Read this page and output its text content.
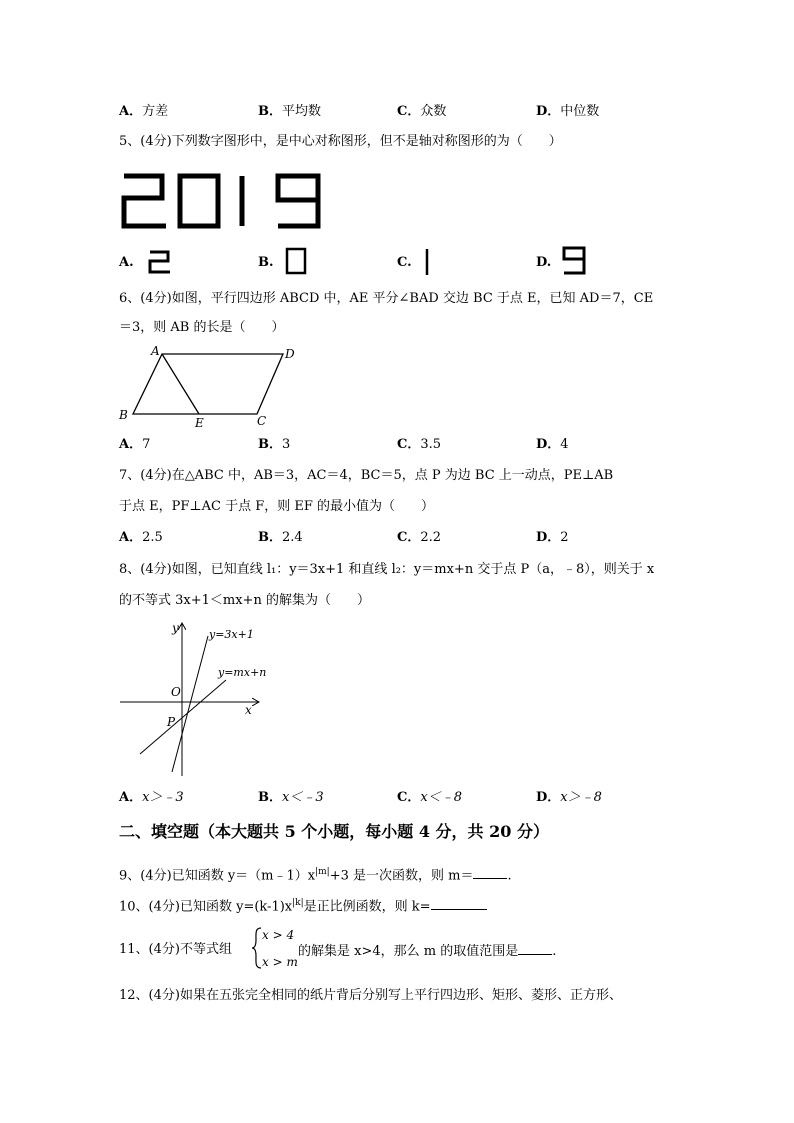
A．方差	B．平均数	C．众数	D．中位数
5、(4分)下列数字图形中，是中心对称图形，但不是轴对称图形的为（　　）
A.	B.	C.	D.
6、(4分)如图，平行四边形 ABCD 中，AE 平分∠BAD 交边 BC 于点 E，已知 AD＝7，CE
＝3，则 AB 的长是（　　）
A	D
B
E	C
A．7	B．3	C．3.5	D．4
7、(4分)在△ABC 中，AB＝3，AC＝4，BC＝5，点 P 为边 BC 上一动点，PE⊥AB
于点 E，PF⊥AC 于点 F，则 EF 的最小值为（　　）
A．2.5	B．2.4	C．2.2	D．2
8、(4分)如图，已知直线 l₁：y＝3x+1 和直线 l₂：y＝mx+n 交于点 P（a，﹣8），则关于 x
的不等式 3x+1＜mx+n 的解集为（　　）
y
x
O
P
y=3x+1
y=mx+n
A．x＞﹣3	B．x＜﹣3	C．x＜﹣8	D．x＞﹣8
二、填空题（本大题共 5 个小题，每小题 4 分，共 20 分）
9、(4分)已知函数 $y=(m﹣1)x^{|m|}+3$ 是一次函数，则 m＝	.
10、(4分)已知函数 $y=(k-1)x^{|k|}$是正比例函数，则 k=
11、(4分)不等式组
x > 4
x > m
的解集是 x>4，那么 m 的取值范围是	.
12、(4分)如果在五张完全相同的纸片背后分别写上平行四边形、矩形、菱形、正方形、
